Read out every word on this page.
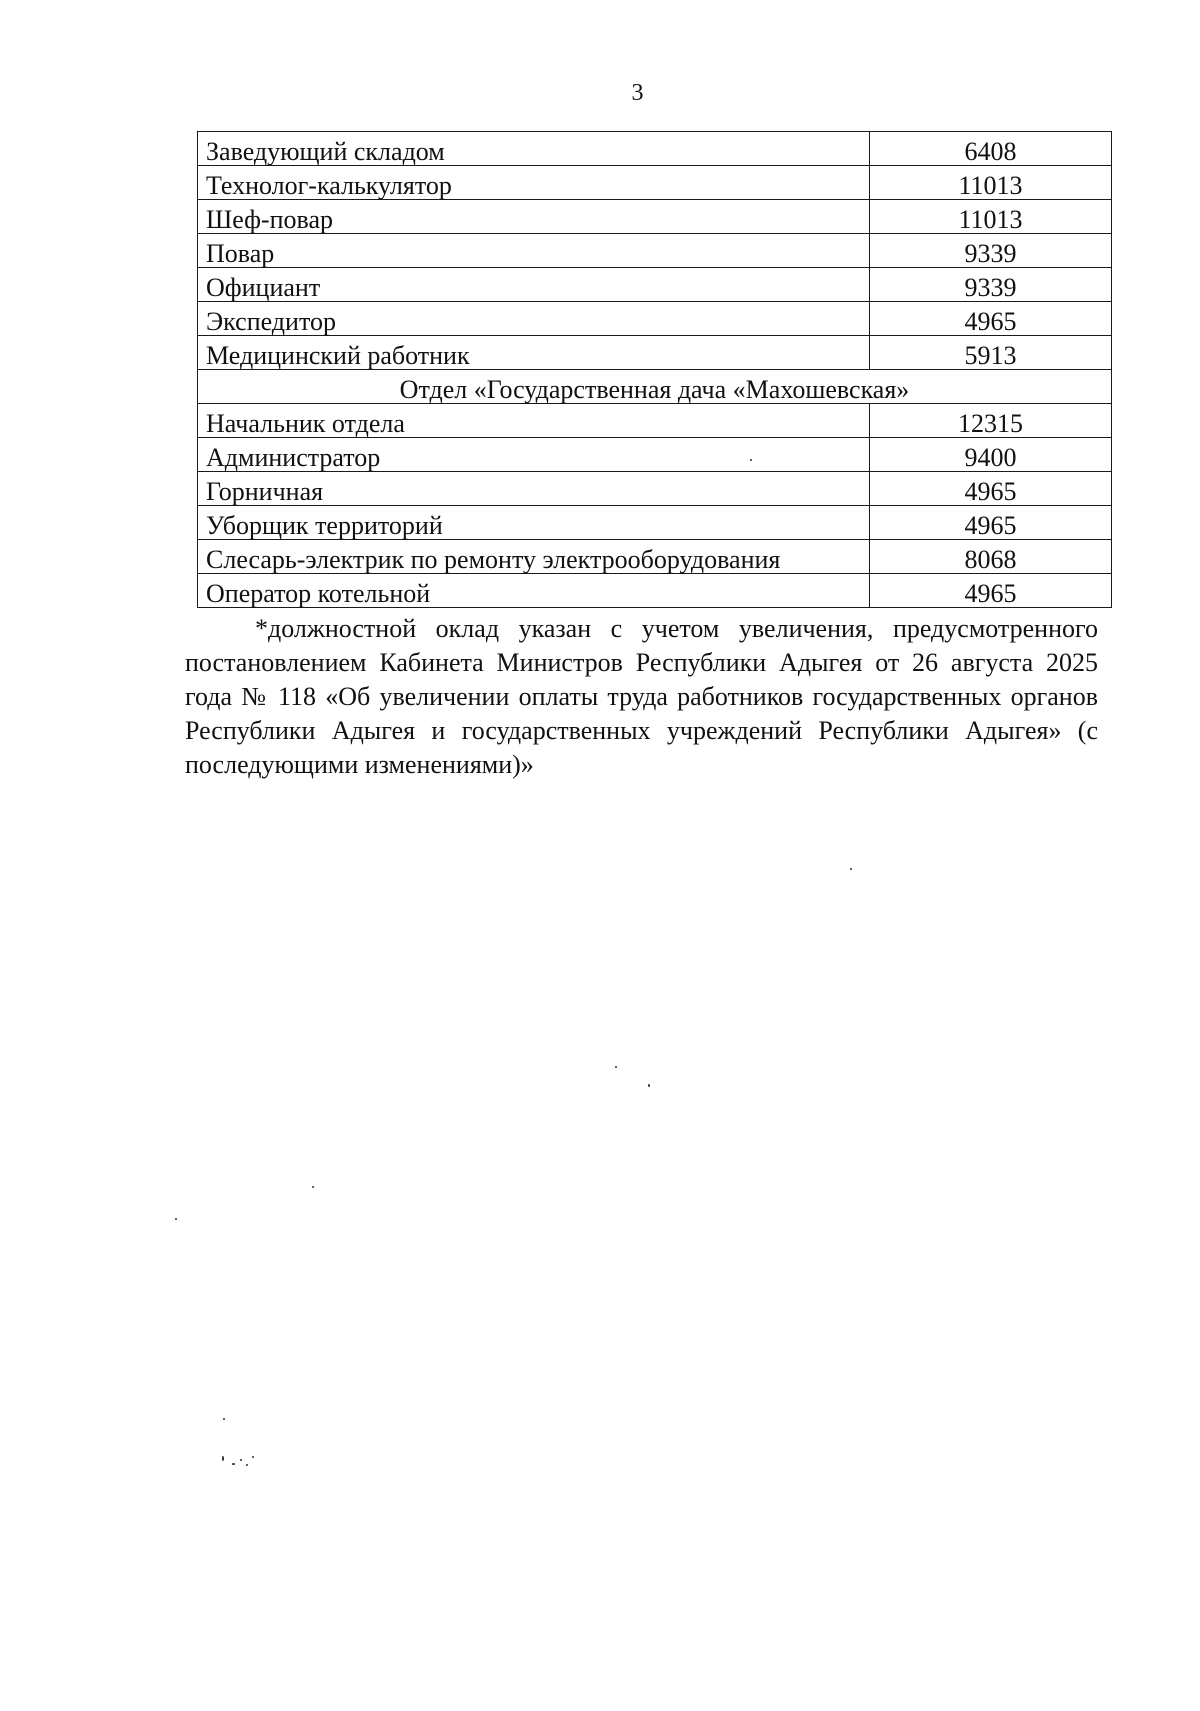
3
Заведующий складом	6408
Технолог-калькулятор	11013
Шеф-повар	11013
Повар	9339
Официант	9339
Экспедитор	4965
Медицинский работник	5913
Отдел «Государственная дача «Махошевская»	
Начальник отдела	12315
Администратор	9400
Горничная	4965
Уборщик территорий	4965
Слесарь-электрик по ремонту электрооборудования	8068
Оператор котельной	4965

*должностной оклад указан с учетом увеличения, предусмотренного постановлением Кабинета Министров Республики Адыгея от 26 августа 2025 года № 118 «Об увеличении оплаты труда работников государственных органов Республики Адыгея и государственных учреждений Республики Адыгея» (с последующими изменениями)»
